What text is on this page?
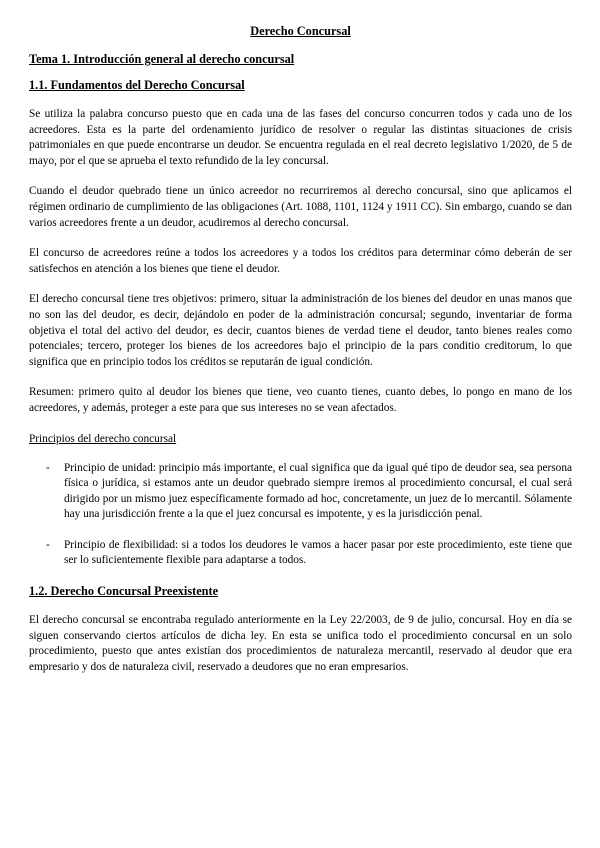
Derecho Concursal
Tema 1. Introducción general al derecho concursal
1.1. Fundamentos del Derecho Concursal

Se utiliza la palabra concurso puesto que en cada una de las fases del concurso concurren todos y cada uno de los acreedores. Esta es la parte del ordenamiento jurídico de resolver o regular las distintas situaciones de crisis patrimoniales en que puede encontrarse un deudor. Se encuentra regulada en el real decreto legislativo 1/2020, de 5 de mayo, por el que se aprueba el texto refundido de la ley concursal.

Cuando el deudor quebrado tiene un único acreedor no recurriremos al derecho concursal, sino que aplicamos el régimen ordinario de cumplimiento de las obligaciones (Art. 1088, 1101, 1124 y 1911 CC). Sin embargo, cuando se dan varios acreedores frente a un deudor, acudiremos al derecho concursal.

El concurso de acreedores reúne a todos los acreedores y a todos los créditos para determinar cómo deberán de ser satisfechos en atención a los bienes que tiene el deudor.

El derecho concursal tiene tres objetivos: primero, situar la administración de los bienes del deudor en unas manos que no son las del deudor, es decir, dejándolo en poder de la administración concursal; segundo, inventariar de forma objetiva el total del activo del deudor, es decir, cuantos bienes de verdad tiene el deudor, tanto bienes reales como potenciales; tercero, proteger los bienes de los acreedores bajo el principio de la pars conditio creditorum, lo que significa que en principio todos los créditos se reputarán de igual condición.

Resumen: primero quito al deudor los bienes que tiene, veo cuanto tienes, cuanto debes, lo pongo en mano de los acreedores, y además, proteger a este para que sus intereses no se vean afectados.

Principios del derecho concursal
- Principio de unidad: principio más importante, el cual significa que da igual qué tipo de deudor sea, sea persona física o jurídica, si estamos ante un deudor quebrado siempre iremos al procedimiento concursal, el cual será dirigido por un mismo juez específicamente formado ad hoc, concretamente, un juez de lo mercantil. Sólamente hay una jurisdicción frente a la que el juez concursal es impotente, y es la jurisdicción penal.
- Principio de flexibilidad: si a todos los deudores le vamos a hacer pasar por este procedimiento, este tiene que ser lo suficientemente flexible para adaptarse a todos.
1.2. Derecho Concursal Preexistente

El derecho concursal se encontraba regulado anteriormente en la Ley 22/2003, de 9 de julio, concursal. Hoy en día se siguen conservando ciertos artículos de dicha ley. En esta se unifica todo el procedimiento concursal en un solo procedimiento, puesto que antes existían dos procedimientos de naturaleza mercantil, reservado al deudor que era empresario y dos de naturaleza civil, reservado a deudores que no eran empresarios.
